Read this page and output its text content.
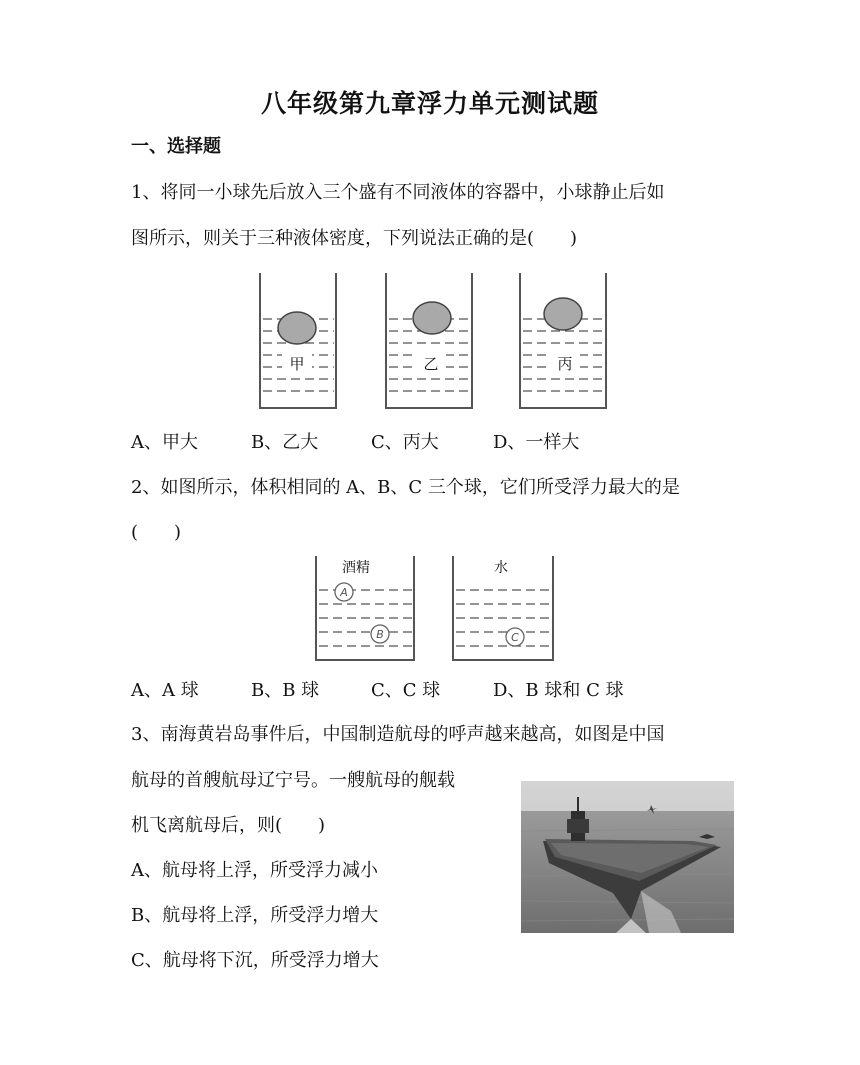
八年级第九章浮力单元测试题
一、选择题
1、将同一小球先后放入三个盛有不同液体的容器中，小球静止后如
图所示，则关于三种液体密度，下列说法正确的是(　　)
甲	乙	丙
A、甲大	B、乙大	C、丙大	D、一样大
2、如图所示，体积相同的 A、B、C 三个球，它们所受浮力最大的是
(　　)
酒精	水
A
B	C
A、A 球	B、B 球	C、C 球	D、B 球和 C 球
3、南海黄岩岛事件后，中国制造航母的呼声越来越高，如图是中国
航母的首艘航母辽宁号。一艘航母的舰载
机飞离航母后，则(　　)
A、航母将上浮，所受浮力减小
B、航母将上浮，所受浮力增大
C、航母将下沉，所受浮力增大
